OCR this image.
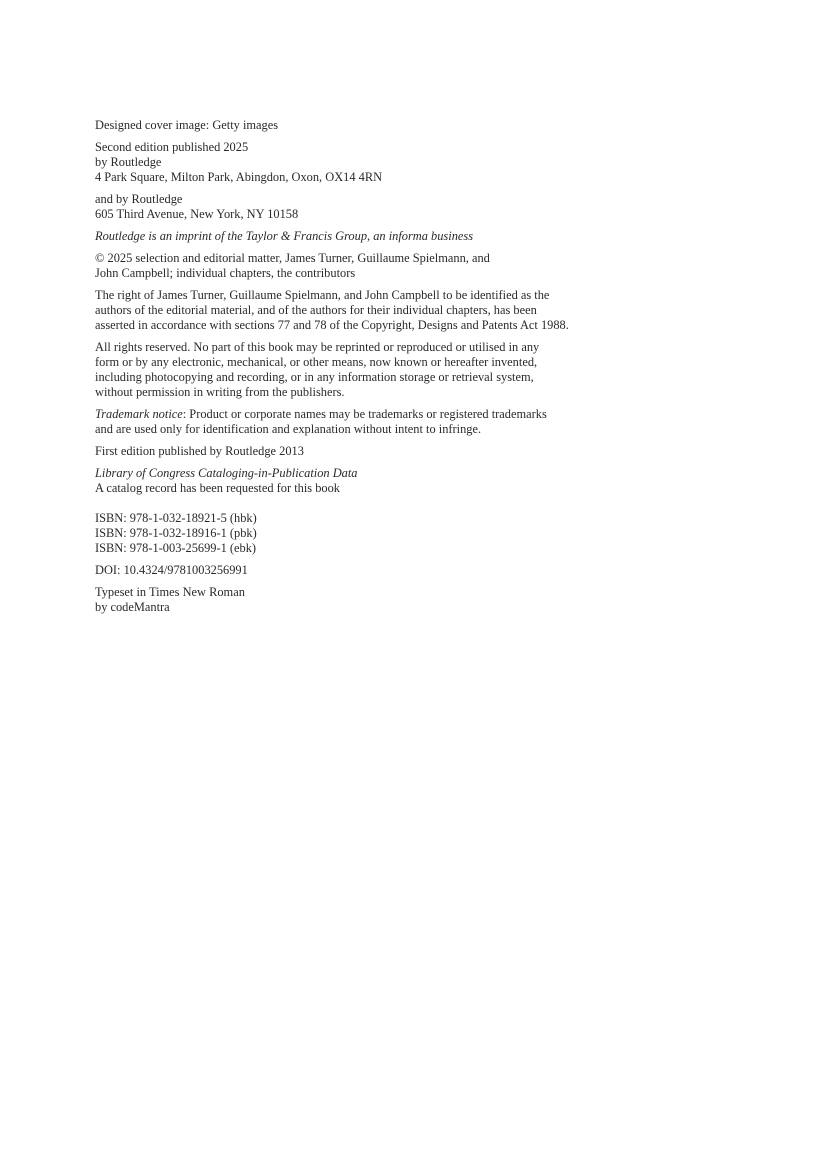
Designed cover image: Getty images

Second edition published 2025
by Routledge
4 Park Square, Milton Park, Abingdon, Oxon, OX14 4RN

and by Routledge
605 Third Avenue, New York, NY 10158

Routledge is an imprint of the Taylor & Francis Group, an informa business

© 2025 selection and editorial matter, James Turner, Guillaume Spielmann, and
John Campbell; individual chapters, the contributors

The right of James Turner, Guillaume Spielmann, and John Campbell to be identified as the
authors of the editorial material, and of the authors for their individual chapters, has been
asserted in accordance with sections 77 and 78 of the Copyright, Designs and Patents Act 1988.

All rights reserved. No part of this book may be reprinted or reproduced or utilised in any
form or by any electronic, mechanical, or other means, now known or hereafter invented,
including photocopying and recording, or in any information storage or retrieval system,
without permission in writing from the publishers.

Trademark notice: Product or corporate names may be trademarks or registered trademarks
and are used only for identification and explanation without intent to infringe.

First edition published by Routledge 2013

Library of Congress Cataloging-in-Publication Data
A catalog record has been requested for this book

ISBN: 978-1-032-18921-5 (hbk)
ISBN: 978-1-032-18916-1 (pbk)
ISBN: 978-1-003-25699-1 (ebk)

DOI: 10.4324/9781003256991

Typeset in Times New Roman
by codeMantra
